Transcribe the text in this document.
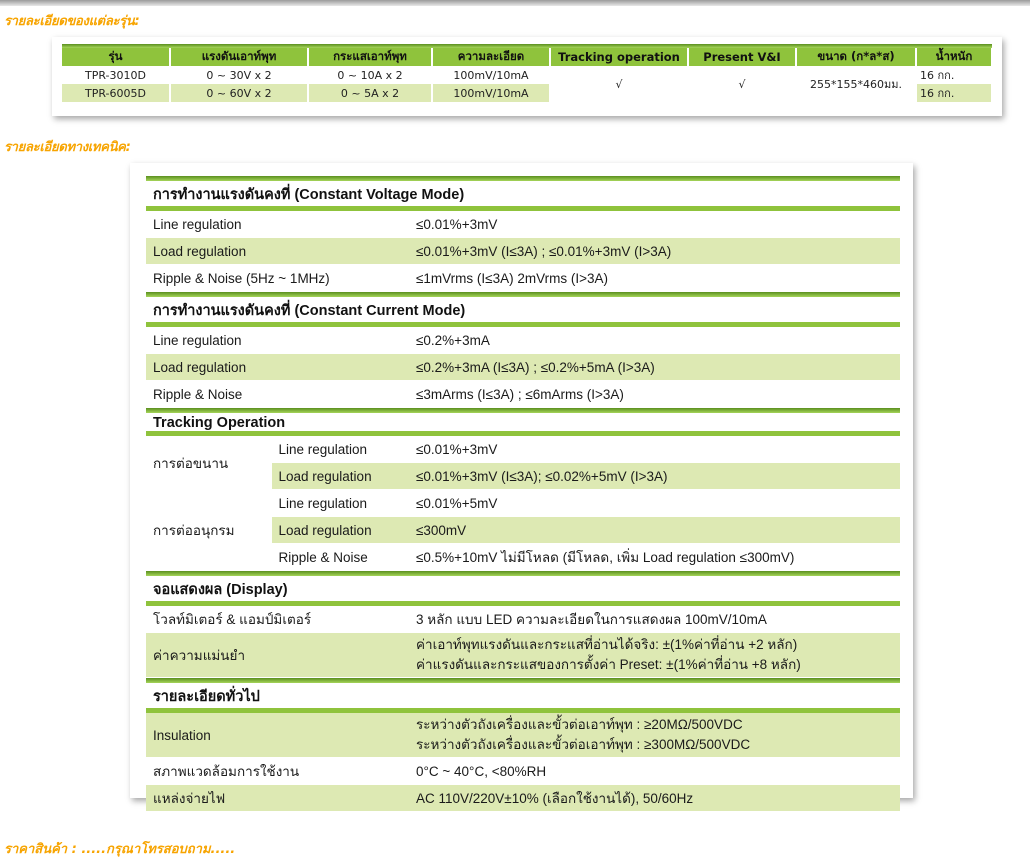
รายละเอียดของแต่ละรุ่น:

รุ่น	แรงดันเอาท์พุท	กระแสเอาท์พุท	ความละเอียด	Tracking operation	Present V&I	ขนาด (ก*ล*ส)	น้ำหนัก
TPR-3010D	0 ~ 30V x 2	0 ~ 10A x 2	100mV/10mA	√	√	255*155*460มม.	16 กก.
TPR-6005D	0 ~ 60V x 2	0 ~ 5A x 2	100mV/10mA				16 กก.
รายละเอียดทางเทคนิค:
การทำงานแรงดันคงที่ (Constant Voltage Mode)		
Line regulation		≤0.01%+3mV
Load regulation		≤0.01%+3mV (I≤3A) ; ≤0.01%+3mV (I>3A)
Ripple & Noise (5Hz ~ 1MHz)		≤1mVrms (I≤3A) 2mVrms (I>3A)

การทำงานแรงดันคงที่ (Constant Current Mode)		
Line regulation		≤0.2%+3mA
Load regulation		≤0.2%+3mA (I≤3A) ; ≤0.2%+5mA (I>3A)
Ripple & Noise		≤3mArms (I≤3A) ; ≤6mArms (I>3A)

Tracking Operation		
การต่อขนาน	Line regulation	≤0.01%+3mV
	Load regulation	≤0.01%+3mV (I≤3A); ≤0.02%+5mV (I>3A)
การต่ออนุกรม	Line regulation	≤0.01%+5mV
	Load regulation	≤300mV
	Ripple & Noise	≤0.5%+10mV ไม่มีโหลด (มีโหลด, เพิ่ม Load regulation ≤300mV)

จอแสดงผล (Display)		
โวลท์มิเตอร์ & แอมป์มิเตอร์		3 หลัก แบบ LED ความละเอียดในการแสดงผล 100mV/10mA
ค่าความแม่นยำ		ค่าเอาท์พุทแรงดันและกระแสที่อ่านได้จริง: ±(1%ค่าที่อ่าน +2 หลัก)
ค่าแรงดันและกระแสของการตั้งค่า Preset: ±(1%ค่าที่อ่าน +8 หลัก)

รายละเอียดทั่วไป		
Insulation		ระหว่างตัวถังเครื่องและขั้วต่อเอาท์พุท : ≥20MΩ/500VDC
ระหว่างตัวถังเครื่องและขั้วต่อเอาท์พุท : ≥300MΩ/500VDC

สภาพแวดล้อมการใช้งาน		0°C ~ 40°C, <80%RH
แหล่งจ่ายไฟ		AC 110V/220V±10% (เลือกใช้งานได้), 50/60Hz
ราคาสินค้า : .....กรุณาโทรสอบถาม.....
